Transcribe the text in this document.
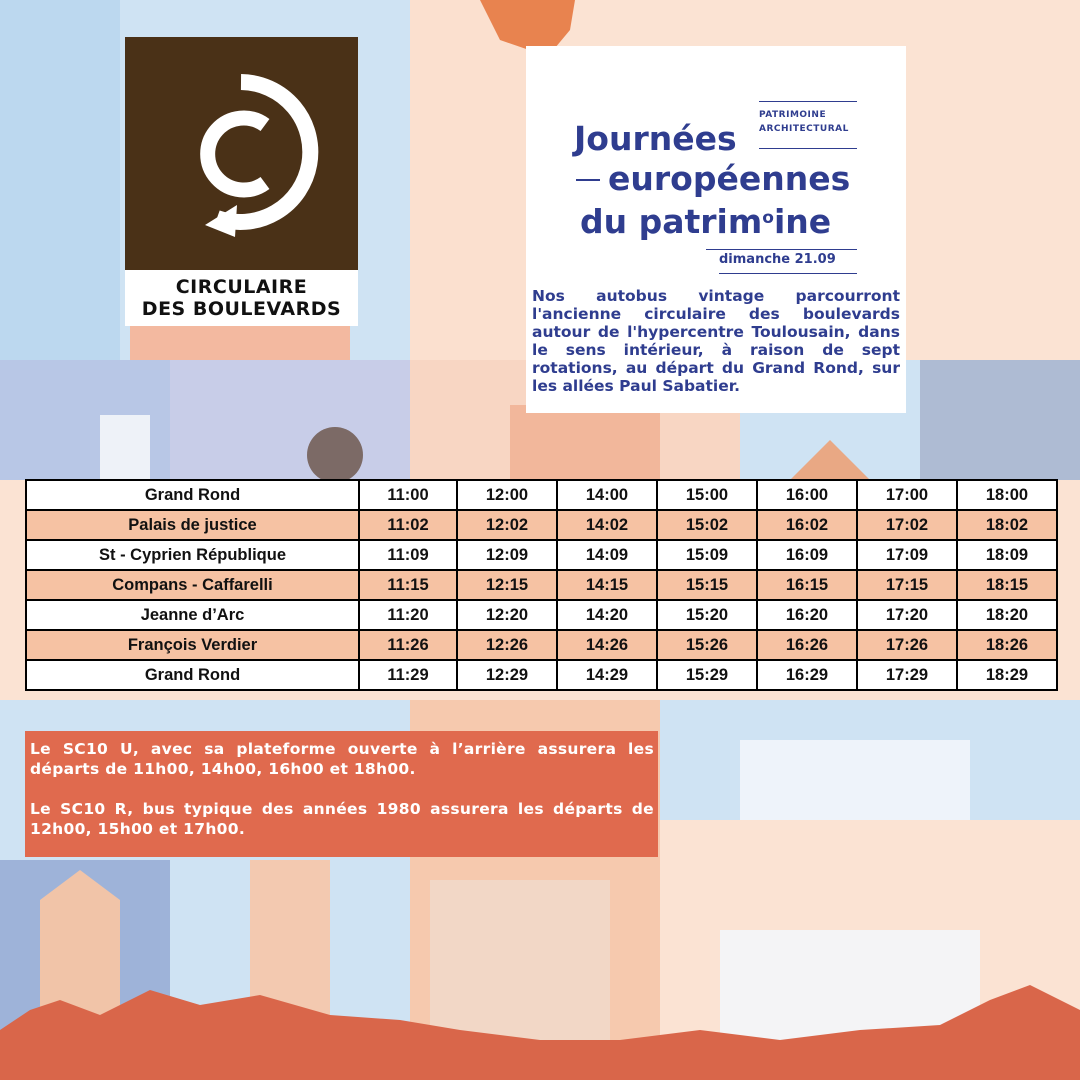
CIRCULAIRE
DES BOULEVARDS
PATRIMOINE
ARCHITECTURAL
Journées
européennes
du patrim$^o$ine
dimanche 21.09
Nos autobus vintage parcourront l'ancienne circulaire des boulevards autour de l'hypercentre Toulousain, dans le sens intérieur, à raison de sept rotations, au départ du Grand Rond, sur les allées Paul Sabatier.
Grand Rond	11:00	12:00	14:00	15:00	16:00	17:00	18:00
Palais de justice	11:02	12:02	14:02	15:02	16:02	17:02	18:02
St - Cyprien République	11:09	12:09	14:09	15:09	16:09	17:09	18:09
Compans - Caffarelli	11:15	12:15	14:15	15:15	16:15	17:15	18:15
Jeanne d’Arc	11:20	12:20	14:20	15:20	16:20	17:20	18:20
François Verdier	11:26	12:26	14:26	15:26	16:26	17:26	18:26
Grand Rond	11:29	12:29	14:29	15:29	16:29	17:29	18:29

Le SC10 U, avec sa plateforme ouverte à l’arrière assurera les départs de 11h00, 14h00, 16h00 et 18h00.

Le SC10 R, bus typique des années 1980 assurera les départs de 12h00, 15h00 et 17h00.
